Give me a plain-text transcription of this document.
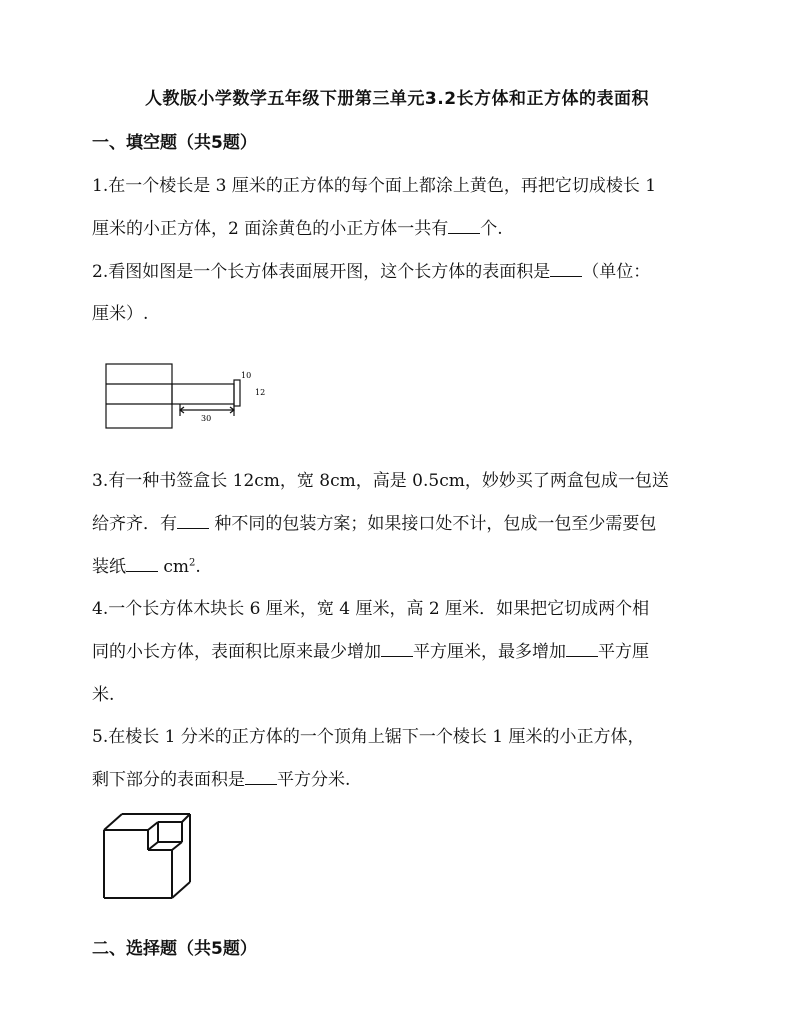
人教版小学数学五年级下册第三单元3.2长方体和正方体的表面积
一、填空题（共5题）
1.在一个棱长是 3 厘米的正方体的每个面上都涂上黄色，再把它切成棱长 1
厘米的小正方体，2 面涂黄色的小正方体一共有 个.
2.看图如图是一个长方体表面展开图，这个长方体的表面积是 （单位：
厘米）.
10
12
30
3.有一种书签盒长 12cm，宽 8cm，高是 0.5cm，妙妙买了两盒包成一包送
给齐齐．有 种不同的包装方案；如果接口处不计，包成一包至少需要包
装纸 $cm^2$.
4.一个长方体木块长 6 厘米，宽 4 厘米，高 2 厘米．如果把它切成两个相
同的小长方体，表面积比原来最少增加 平方厘米，最多增加 平方厘
米.
5.在棱长 1 分米的正方体的一个顶角上锯下一个棱长 1 厘米的小正方体，
剩下部分的表面积是 平方分米.
二、选择题（共5题）
